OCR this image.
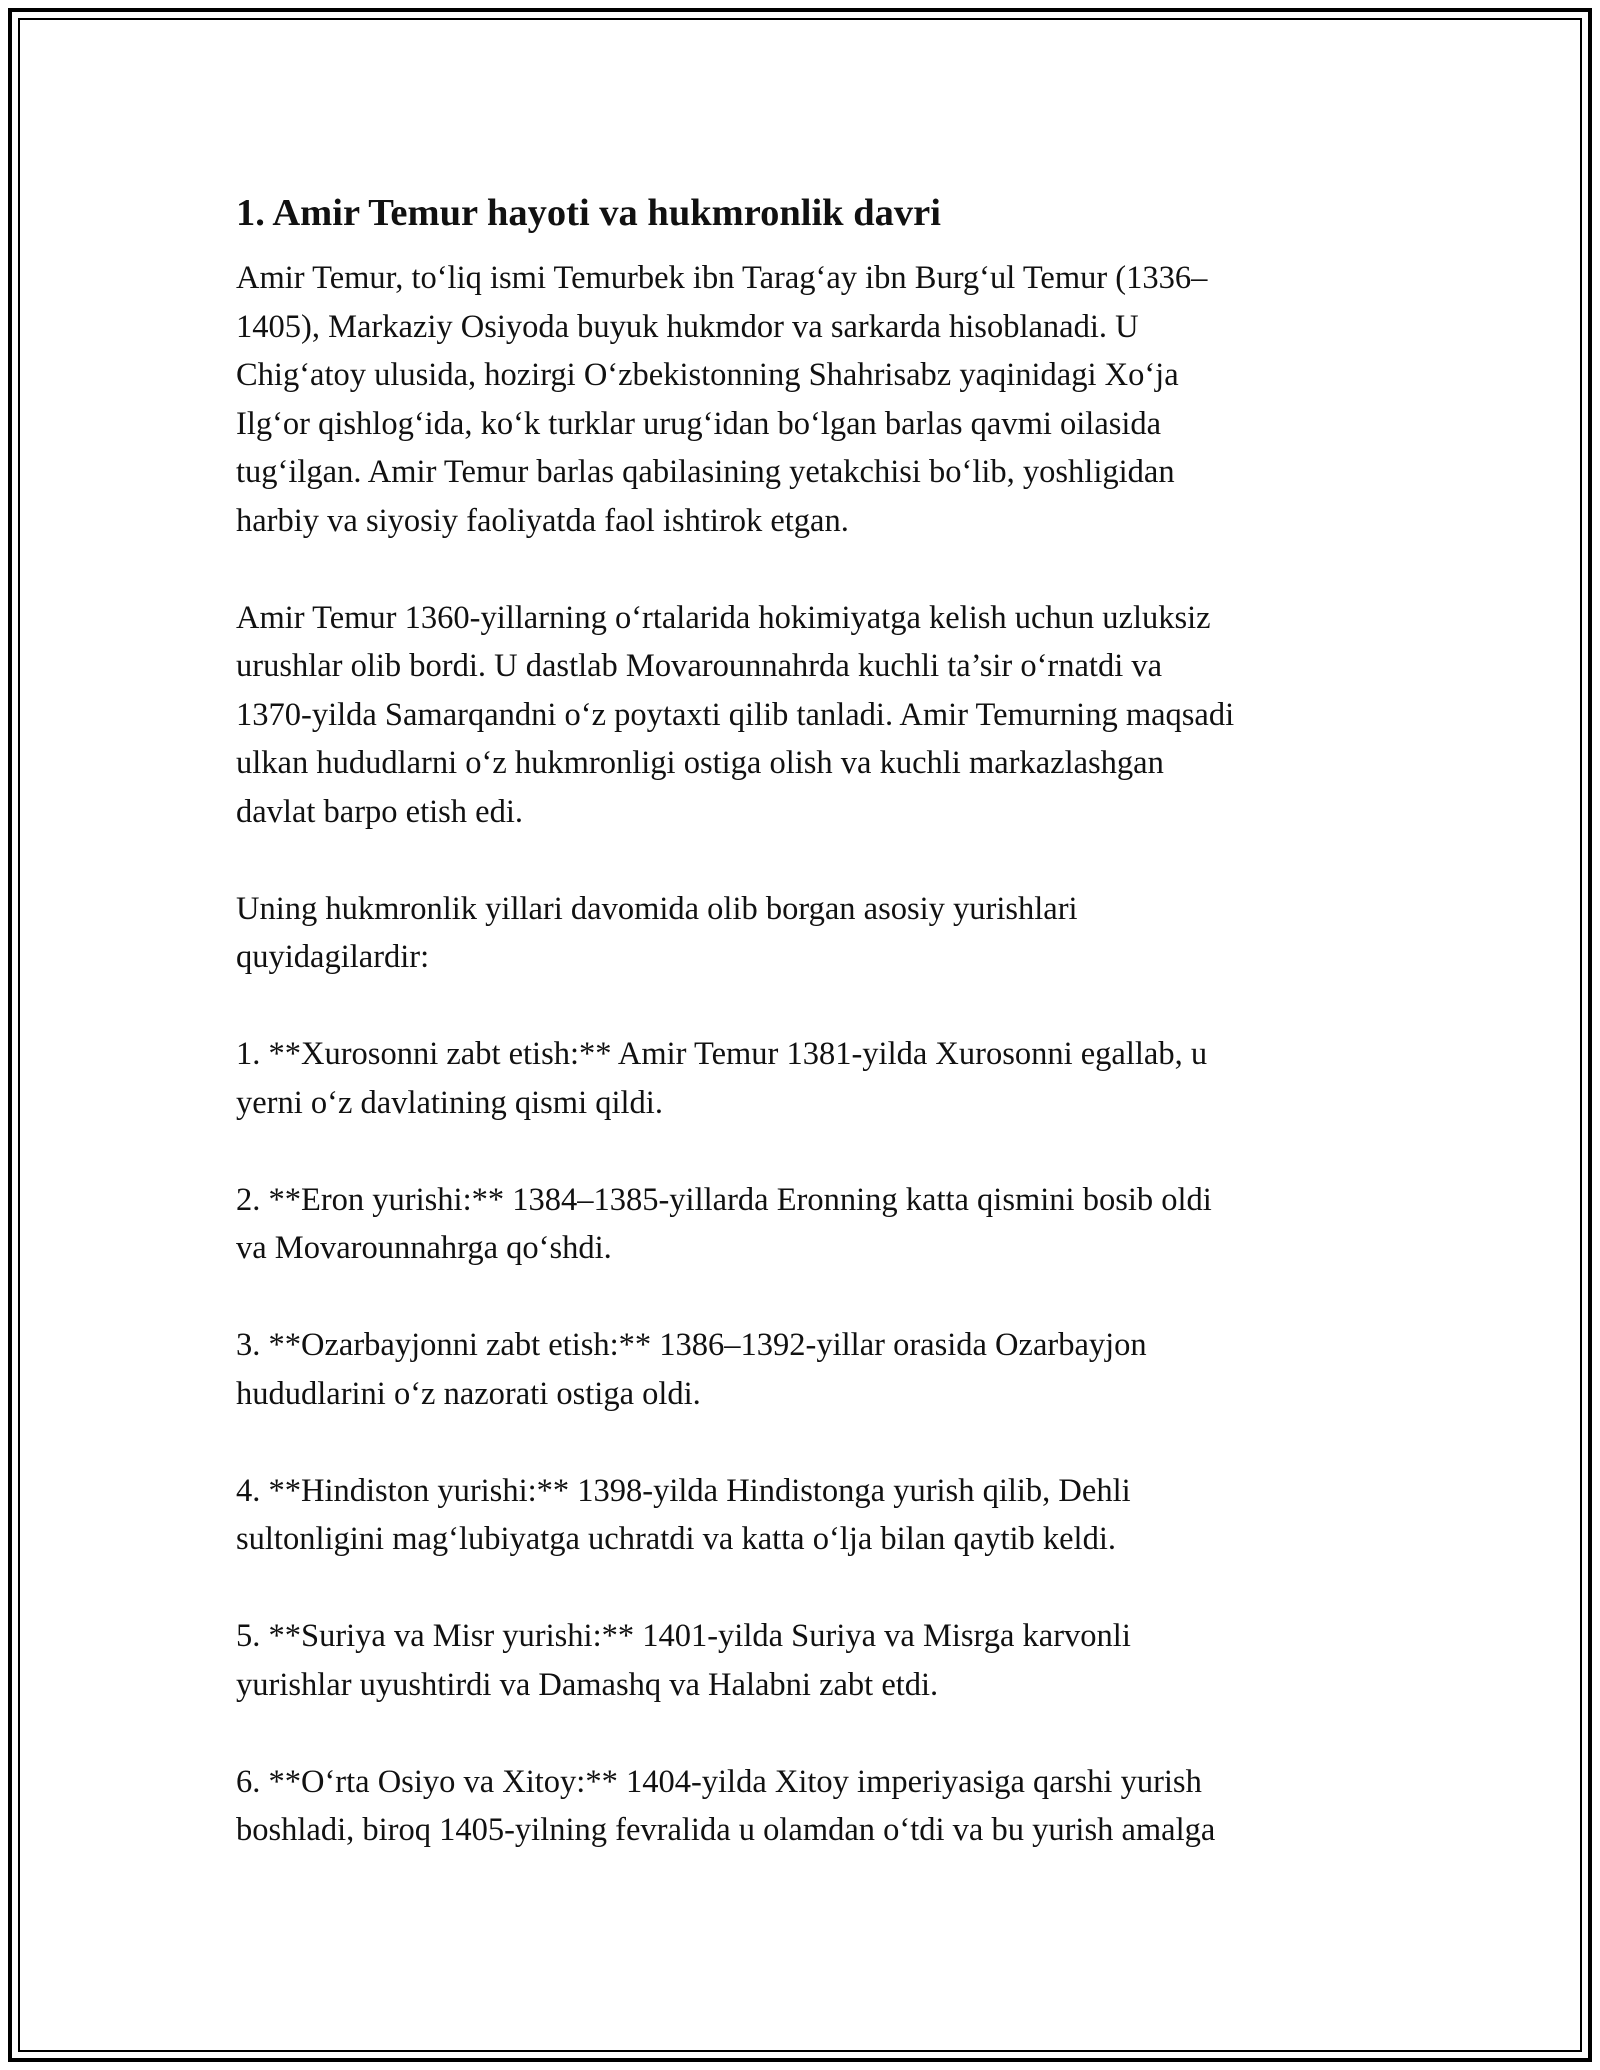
1. Amir Temur hayoti va hukmronlik davri

Amir Temur, to‘liq ismi Temurbek ibn Tarag‘ay ibn Burg‘ul Temur (1336–
1405), Markaziy Osiyoda buyuk hukmdor va sarkarda hisoblanadi. U
Chig‘atoy ulusida, hozirgi O‘zbekistonning Shahrisabz yaqinidagi Xo‘ja
Ilg‘or qishlog‘ida, ko‘k turklar urug‘idan bo‘lgan barlas qavmi oilasida
tug‘ilgan. Amir Temur barlas qabilasining yetakchisi bo‘lib, yoshligidan
harbiy va siyosiy faoliyatda faol ishtirok etgan.

Amir Temur 1360-yillarning o‘rtalarida hokimiyatga kelish uchun uzluksiz
urushlar olib bordi. U dastlab Movarounnahrda kuchli ta’sir o‘rnatdi va
1370-yilda Samarqandni o‘z poytaxti qilib tanladi. Amir Temurning maqsadi
ulkan hududlarni o‘z hukmronligi ostiga olish va kuchli markazlashgan
davlat barpo etish edi.

Uning hukmronlik yillari davomida olib borgan asosiy yurishlari
quyidagilardir:

1. **Xurosonni zabt etish:** Amir Temur 1381-yilda Xurosonni egallab, u
yerni o‘z davlatining qismi qildi.

2. **Eron yurishi:** 1384–1385-yillarda Eronning katta qismini bosib oldi
va Movarounnahrga qo‘shdi.

3. **Ozarbayjonni zabt etish:** 1386–1392-yillar orasida Ozarbayjon
hududlarini o‘z nazorati ostiga oldi.

4. **Hindiston yurishi:** 1398-yilda Hindistonga yurish qilib, Dehli
sultonligini mag‘lubiyatga uchratdi va katta o‘lja bilan qaytib keldi.

5. **Suriya va Misr yurishi:** 1401-yilda Suriya va Misrga karvonli
yurishlar uyushtirdi va Damashq va Halabni zabt etdi.

6. **O‘rta Osiyo va Xitoy:** 1404-yilda Xitoy imperiyasiga qarshi yurish
boshladi, biroq 1405-yilning fevralida u olamdan o‘tdi va bu yurish amalga
